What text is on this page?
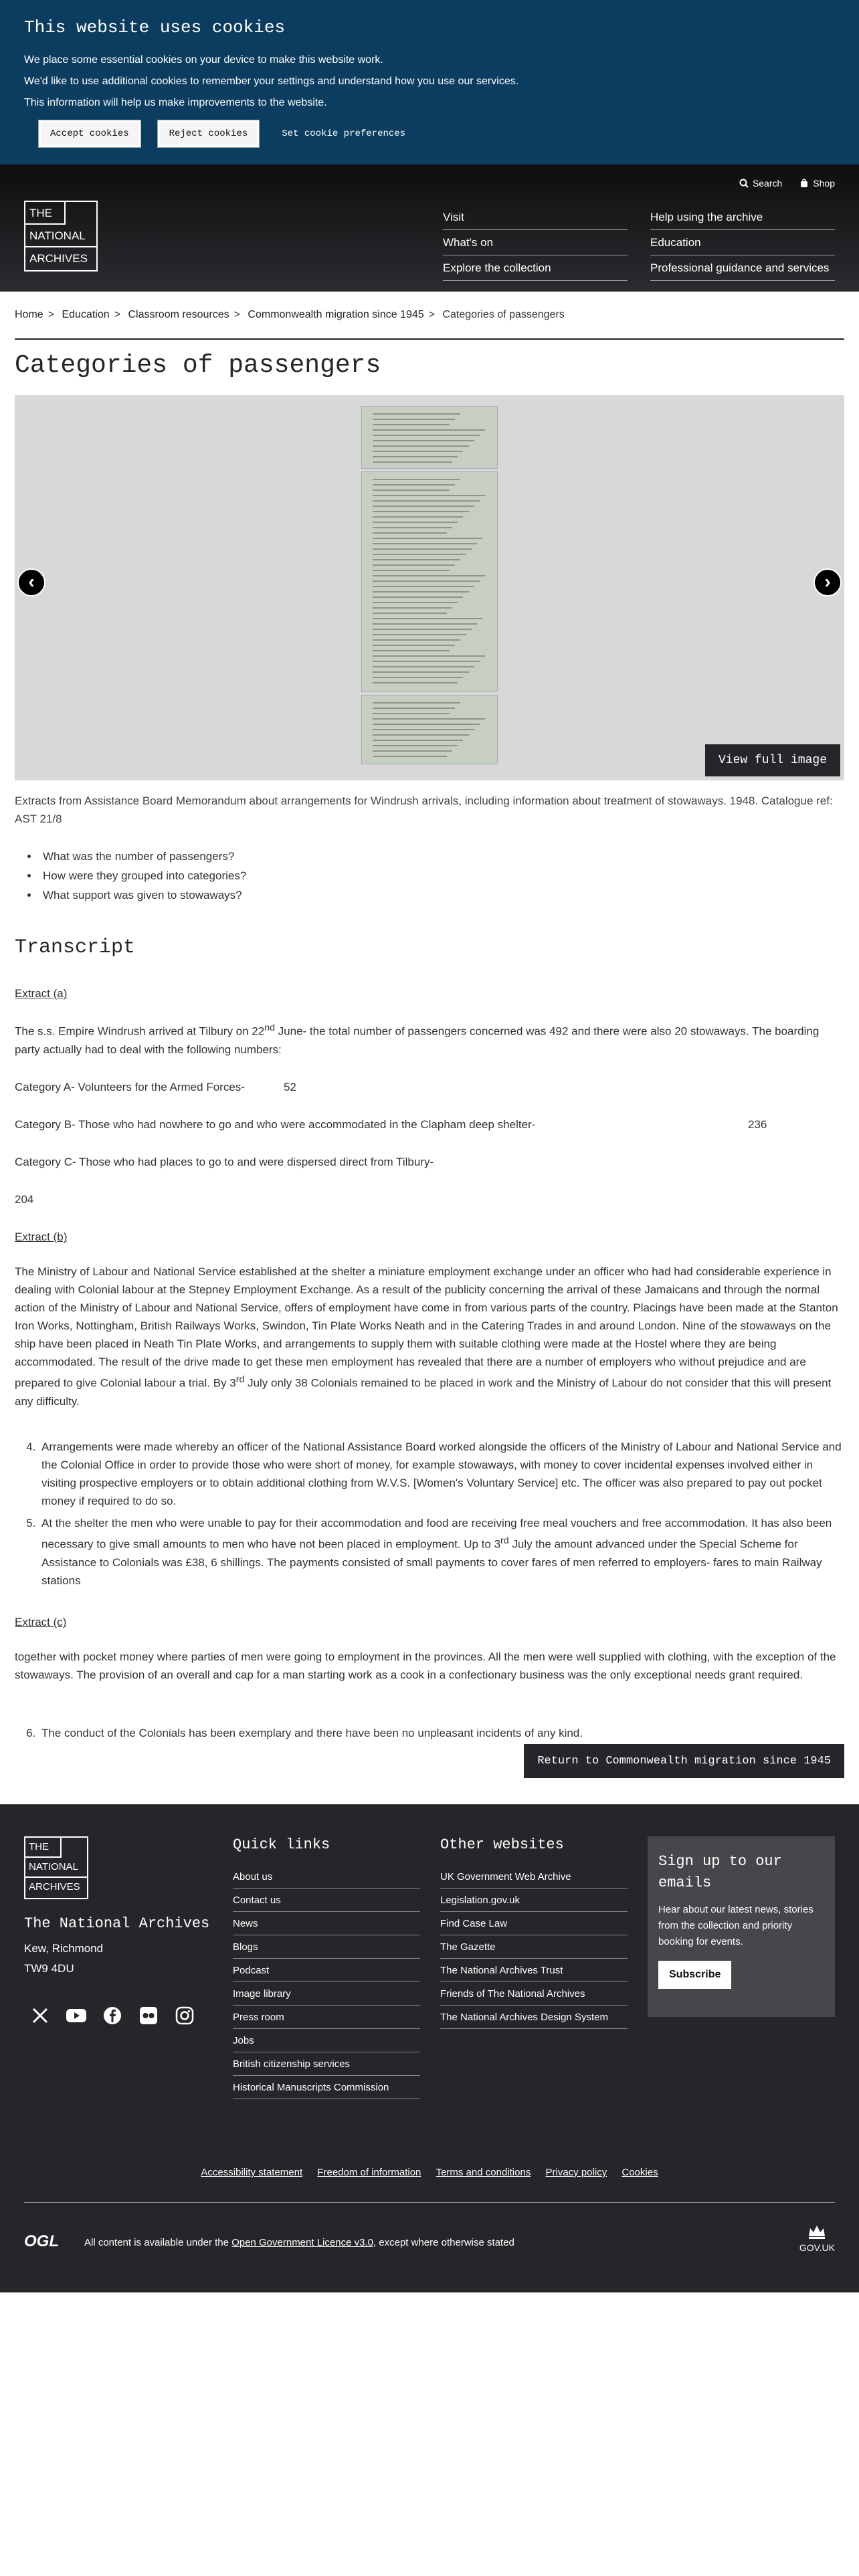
This website uses cookies

We place some essential cookies on your device to make this website work.

We'd like to use additional cookies to remember your settings and understand how you use our services.

This information will help us make improvements to the website.

Accept cookies	Reject cookies	Set cookie preferences
Search	Shop
THE
NATIONAL
ARCHIVES
Visit	Help using the archive
What's on	Education
Explore the collection	Professional guidance and services
Home > Education > Classroom resources > Commonwealth migration since 1945 > Categories of passengers
Categories of passengers
‹	›
View full image
Extracts from Assistance Board Memorandum about arrangements for Windrush arrivals, including information about treatment of stowaways. 1948. Catalogue ref: AST 21/8
• What was the number of passengers?
• How were they grouped into categories?
• What support was given to stowaways?
Transcript
Extract (a)
The s.s. Empire Windrush arrived at Tilbury on 22nd June- the total number of passengers concerned was 492 and there were also 20 stowaways. The boarding party actually had to deal with the following numbers:
Category A- Volunteers for the Armed Forces-	52
Category B- Those who had nowhere to go and who were accommodated in the Clapham deep shelter-	236
Category C- Those who had places to go to and were dispersed direct from Tilbury-
204
Extract (b)
The Ministry of Labour and National Service established at the shelter a miniature employment exchange under an officer who had had considerable experience in dealing with Colonial labour at the Stepney Employment Exchange. As a result of the publicity concerning the arrival of these Jamaicans and through the normal action of the Ministry of Labour and National Service, offers of employment have come in from various parts of the country. Placings have been made at the Stanton Iron Works, Nottingham, British Railways Works, Swindon, Tin Plate Works Neath and in the Catering Trades in and around London. Nine of the stowaways on the ship have been placed in Neath Tin Plate Works, and arrangements to supply them with suitable clothing were made at the Hostel where they are being accommodated. The result of the drive made to get these men employment has revealed that there are a number of employers who without prejudice and are prepared to give Colonial labour a trial. By 3rd July only 38 Colonials remained to be placed in work and the Ministry of Labour do not consider that this will present any difficulty.
4. Arrangements were made whereby an officer of the National Assistance Board worked alongside the officers of the Ministry of Labour and National Service and the Colonial Office in order to provide those who were short of money, for example stowaways, with money to cover incidental expenses involved either in visiting prospective employers or to obtain additional clothing from W.V.S. [Women's Voluntary Service] etc. The officer was also prepared to pay out pocket money if required to do so.
5. At the shelter the men who were unable to pay for their accommodation and food are receiving free meal vouchers and free accommodation. It has also been necessary to give small amounts to men who have not been placed in employment. Up to 3rd July the amount advanced under the Special Scheme for Assistance to Colonials was £38, 6 shillings. The payments consisted of small payments to cover fares of men referred to employers- fares to main Railway stations
Extract (c)
together with pocket money where parties of men were going to employment in the provinces. All the men were well supplied with clothing, with the exception of the stowaways. The provision of an overall and cap for a man starting work as a cook in a confectionary business was the only exceptional needs grant required.
6. The conduct of the Colonials has been exemplary and there have been no unpleasant incidents of any kind.
Return to Commonwealth migration since 1945
THE
NATIONAL
ARCHIVES
The National Archives
Kew, Richmond
TW9 4DU
Quick links
About us
Contact us
News
Blogs
Podcast
Image library
Press room
Jobs
British citizenship services
Historical Manuscripts Commission
Other websites
UK Government Web Archive
Legislation.gov.uk
Find Case Law
The Gazette
The National Archives Trust
Friends of The National Archives
The National Archives Design System
Sign up to our emails

Hear about our latest news, stories from the collection and priority booking for events.

Subscribe
Accessibility statement Freedom of information Terms and conditions Privacy policy Cookies
OGL	All content is available under the Open Government Licence v3.0, except where otherwise stated	GOV.UK
